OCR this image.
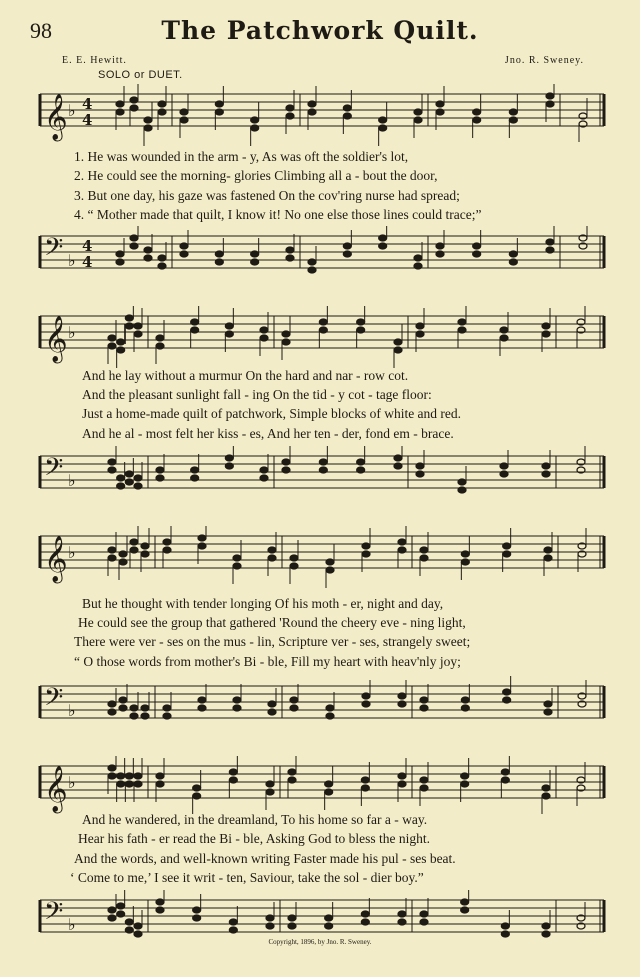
98	The Patchwork Quilt.
E. E. Hewitt.	Jno. R. Sweney.
SOLO or DUET.
𝄞 ♭ 4
4
1. He was wounded in the arm - y, As was oft the soldier's lot,
2. He could see the morning- glories Climbing all a - bout the door,
3. But one day, his gaze was fastened On the cov'ring nurse had spread;
4. “ Mother made that quilt, I know it! No one else those lines could trace;”
𝄢 ♭
4
4
𝄞 ♭
And he lay without a murmur On the hard and nar - row cot.
And the pleasant sunlight fall - ing On the tid - y cot - tage floor:
Just a home-made quilt of patchwork, Simple blocks of white and red.
And he al - most felt her kiss - es, And her ten - der, fond em - brace.
𝄢 ♭
𝄞 ♭
But he thought with tender longing Of his moth - er, night and day,
He could see the group that gathered 'Round the cheery eve - ning light,
There were ver - ses on the mus - lin, Scripture ver - ses, strangely sweet;
“ O those words from mother's Bi - ble, Fill my heart with heav'nly joy;
𝄢 ♭
𝄞 ♭
And he wandered, in the dreamland, To his home so far a - way.
Hear his fath - er read the Bi - ble, Asking God to bless the night.
And the words, and well-known writing Faster made his pul - ses beat.
‘ Come to me,’ I see it writ - ten, Saviour, take the sol - dier boy.”
𝄢 ♭
Copyright, 1896, by Jno. R. Sweney.
